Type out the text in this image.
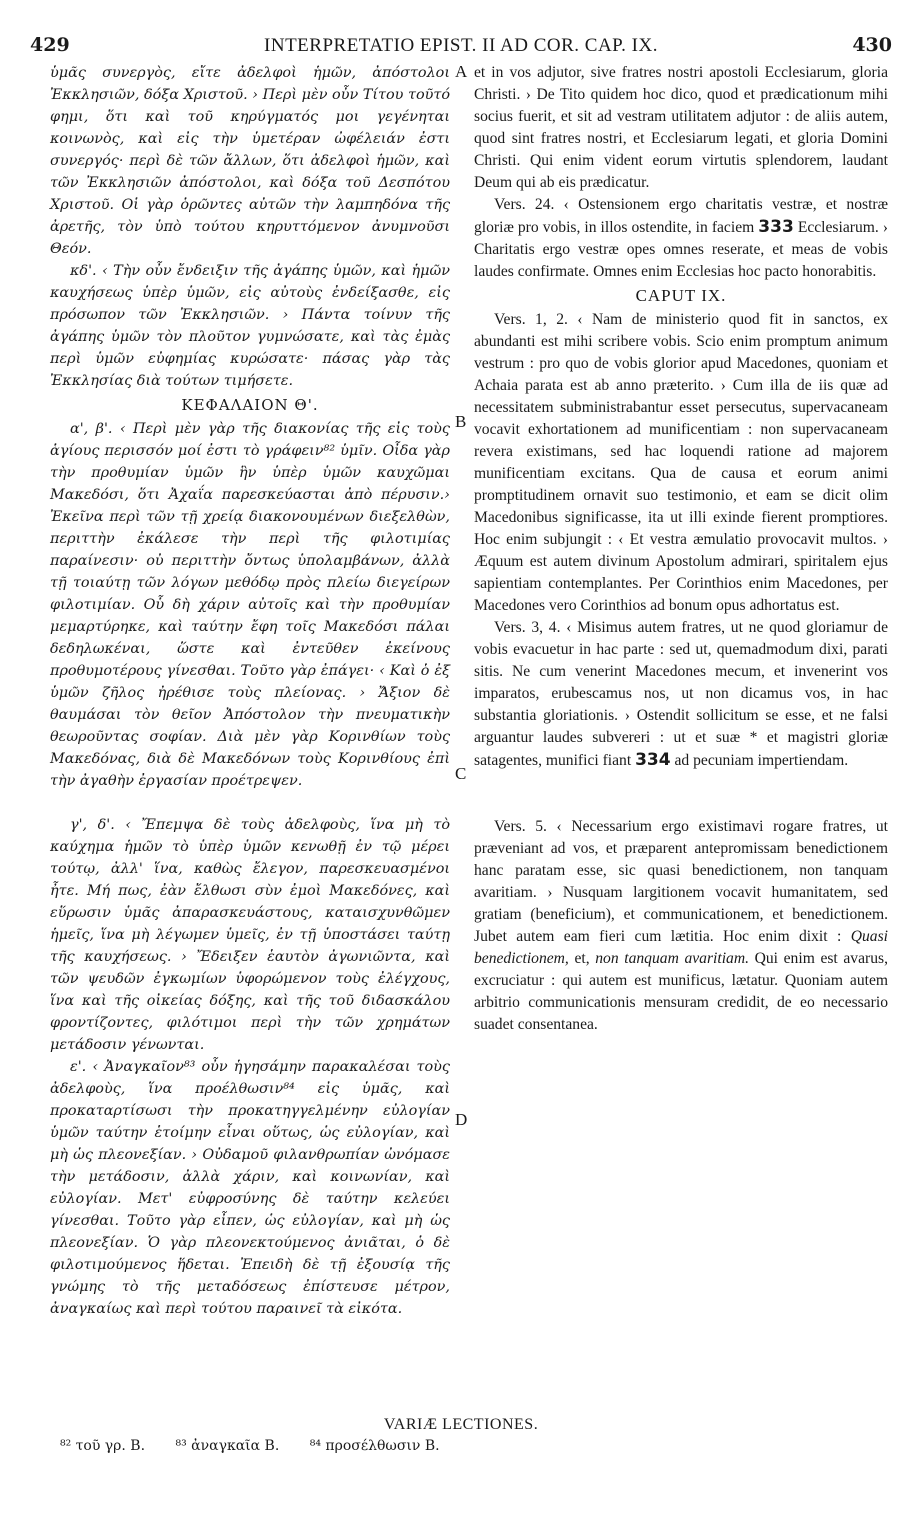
429	INTERPRETATIO EPIST. II AD COR. CAP. IX.	430
A
B
C
D

ὑμᾶς συνεργὸς, εἴτε ἀδελφοὶ ἡμῶν, ἀπόστολοι Ἐκκλησιῶν, δόξα Χριστοῦ. › Περὶ μὲν οὖν Τίτου τοῦτό φημι, ὅτι καὶ τοῦ κηρύγματός μοι γεγένηται κοινωνὸς, καὶ εἰς τὴν ὑμετέραν ὠφέλειάν ἐστι συνεργός· περὶ δὲ τῶν ἄλλων, ὅτι ἀδελφοὶ ἡμῶν, καὶ τῶν Ἐκκλησιῶν ἀπόστολοι, καὶ δόξα τοῦ Δεσπότου Χριστοῦ. Οἱ γὰρ ὁρῶντες αὐτῶν τὴν λαμπηδόνα τῆς ἀρετῆς, τὸν ὑπὸ τούτου κηρυττόμενον ἀνυμνοῦσι Θεόν.

κδ'. ‹ Τὴν οὖν ἔνδειξιν τῆς ἀγάπης ὑμῶν, καὶ ἡμῶν καυχήσεως ὑπὲρ ὑμῶν, εἰς αὐτοὺς ἐνδείξασθε, εἰς πρόσωπον τῶν Ἐκκλησιῶν. › Πάντα τοίνυν τῆς ἀγάπης ὑμῶν τὸν πλοῦτον γυμνώσατε, καὶ τὰς ἐμὰς περὶ ὑμῶν εὐφημίας κυρώσατε· πάσας γὰρ τὰς Ἐκκλησίας διὰ τούτων τιμήσετε.

ΚΕΦΑΛΑΙΟΝ Θ'.

α', β'. ‹ Περὶ μὲν γὰρ τῆς διακονίας τῆς εἰς τοὺς ἁγίους περισσόν μοί ἐστι τὸ γράφειν⁸² ὑμῖν. Οἶδα γὰρ τὴν προθυμίαν ὑμῶν ἣν ὑπὲρ ὑμῶν καυχῶμαι Μακεδόσι, ὅτι Ἀχαΐα παρεσκεύασται ἀπὸ πέρυσιν.› Ἐκεῖνα περὶ τῶν τῇ χρείᾳ διακονουμένων διεξελθὼν, περιττὴν ἐκάλεσε τὴν περὶ τῆς φιλοτιμίας παραίνεσιν· οὐ περιττὴν ὄντως ὑπολαμβάνων, ἀλλὰ τῇ τοιαύτῃ τῶν λόγων μεθόδῳ πρὸς πλείω διεγείρων φιλοτιμίαν. Οὗ δὴ χάριν αὐτοῖς καὶ τὴν προθυμίαν μεμαρτύρηκε, καὶ ταύτην ἔφη τοῖς Μακεδόσι πάλαι δεδηλωκέναι, ὥστε καὶ ἐντεῦθεν ἐκείνους προθυμοτέρους γίνεσθαι. Τοῦτο γὰρ ἐπάγει· ‹ Καὶ ὁ ἐξ ὑμῶν ζῆλος ἠρέθισε τοὺς πλείονας. › Ἄξιον δὲ θαυμάσαι τὸν θεῖον Ἀπόστολον τὴν πνευματικὴν θεωροῦντας σοφίαν. Διὰ μὲν γὰρ Κορινθίων τοὺς Μακεδόνας, διὰ δὲ Μακεδόνων τοὺς Κορινθίους ἐπὶ τὴν ἀγαθὴν ἐργασίαν προέτρεψεν.

γ', δ'. ‹ Ἔπεμψα δὲ τοὺς ἀδελφοὺς, ἵνα μὴ τὸ καύχημα ἡμῶν τὸ ὑπὲρ ὑμῶν κενωθῇ ἐν τῷ μέρει τούτῳ, ἀλλ' ἵνα, καθὼς ἔλεγον, παρεσκευασμένοι ἦτε. Μή πως, ἐὰν ἔλθωσι σὺν ἐμοὶ Μακεδόνες, καὶ εὕρωσιν ὑμᾶς ἀπαρασκευάστους, καταισχυνθῶμεν ἡμεῖς, ἵνα μὴ λέγωμεν ὑμεῖς, ἐν τῇ ὑποστάσει ταύτῃ τῆς καυχήσεως. › Ἔδειξεν ἑαυτὸν ἀγωνιῶντα, καὶ τῶν ψευδῶν ἐγκωμίων ὑφορώμενον τοὺς ἐλέγχους, ἵνα καὶ τῆς οἰκείας δόξης, καὶ τῆς τοῦ διδασκάλου φροντίζοντες, φιλότιμοι περὶ τὴν τῶν χρημάτων μετάδοσιν γένωνται.

ε'. ‹ Ἀναγκαῖον⁸³ οὖν ἡγησάμην παρακαλέσαι τοὺς ἀδελφοὺς, ἵνα προέλθωσιν⁸⁴ εἰς ὑμᾶς, καὶ προκαταρτίσωσι τὴν προκατηγγελμένην εὐλογίαν ὑμῶν ταύτην ἑτοίμην εἶναι οὕτως, ὡς εὐλογίαν, καὶ μὴ ὡς πλεονεξίαν. › Οὐδαμοῦ φιλανθρωπίαν ὠνόμασε τὴν μετάδοσιν, ἀλλὰ χάριν, καὶ κοινωνίαν, καὶ εὐλογίαν. Μετ' εὐφροσύνης δὲ ταύτην κελεύει γίνεσθαι. Τοῦτο γὰρ εἶπεν, ὡς εὐλογίαν, καὶ μὴ ὡς πλεονεξίαν. Ὁ γὰρ πλεονεκτούμενος ἀνιᾶται, ὁ δὲ φιλοτιμούμενος ἥδεται. Ἐπειδὴ δὲ τῇ ἐξουσίᾳ τῆς γνώμης τὸ τῆς μεταδόσεως ἐπίστευσε μέτρον, ἀναγκαίως καὶ περὶ τούτου παραινεῖ τὰ εἰκότα.

et in vos adjutor, sive fratres nostri apostoli Ecclesiarum, gloria Christi. › De Tito quidem hoc dico, quod et prædicationum mihi socius fuerit, et sit ad vestram utilitatem adjutor : de aliis autem, quod sint fratres nostri, et Ecclesiarum legati, et gloria Domini Christi. Qui enim vident eorum virtutis splendorem, laudant Deum qui ab eis prædicatur.

Vers. 24. ‹ Ostensionem ergo charitatis vestræ, et nostræ gloriæ pro vobis, in illos ostendite, in faciem 333 Ecclesiarum. › Charitatis ergo vestræ opes omnes reserate, et meas de vobis laudes confirmate. Omnes enim Ecclesias hoc pacto honorabitis.

CAPUT IX.

Vers. 1, 2. ‹ Nam de ministerio quod fit in sanctos, ex abundanti est mihi scribere vobis. Scio enim promptum animum vestrum : pro quo de vobis glorior apud Macedones, quoniam et Achaia parata est ab anno præterito. › Cum illa de iis quæ ad necessitatem subministrabantur esset persecutus, supervacaneam vocavit exhortationem ad munificentiam : non supervacaneam revera existimans, sed hac loquendi ratione ad majorem munificentiam excitans. Qua de causa et eorum animi promptitudinem ornavit suo testimonio, et eam se dicit olim Macedonibus significasse, ita ut illi exinde fierent promptiores. Hoc enim subjungit : ‹ Et vestra æmulatio provocavit multos. › Æquum est autem divinum Apostolum admirari, spiritalem ejus sapientiam contemplantes. Per Corinthios enim Macedones, per Macedones vero Corinthios ad bonum opus adhortatus est.

Vers. 3, 4. ‹ Misimus autem fratres, ut ne quod gloriamur de vobis evacuetur in hac parte : sed ut, quemadmodum dixi, parati sitis. Ne cum venerint Macedones mecum, et invenerint vos imparatos, erubescamus nos, ut non dicamus vos, in hac substantia gloriationis. › Ostendit sollicitum se esse, et ne falsi arguantur laudes subvereri : ut et suæ * et magistri gloriæ satagentes, munifici fiant 334 ad pecuniam impertiendam.

Vers. 5. ‹ Necessarium ergo existimavi rogare fratres, ut præveniant ad vos, et præparent antepromissam benedictionem hanc paratam esse, sic quasi benedictionem, non tanquam avaritiam. › Nusquam largitionem vocavit humanitatem, sed gratiam (beneficium), et communicationem, et benedictionem. Jubet autem eam fieri cum lætitia. Hoc enim dixit : Quasi benedictionem, et, non tanquam avaritiam. Qui enim est avarus, excruciatur : qui autem est munificus, lætatur. Quoniam autem arbitrio communicationis mensuram credidit, de eo necessario suadet consentanea.

VARIÆ LECTIONES.
⁸² τοῦ γρ. B. ⁸³ ἀναγκαῖα B. ⁸⁴ προσέλθωσιν B.
